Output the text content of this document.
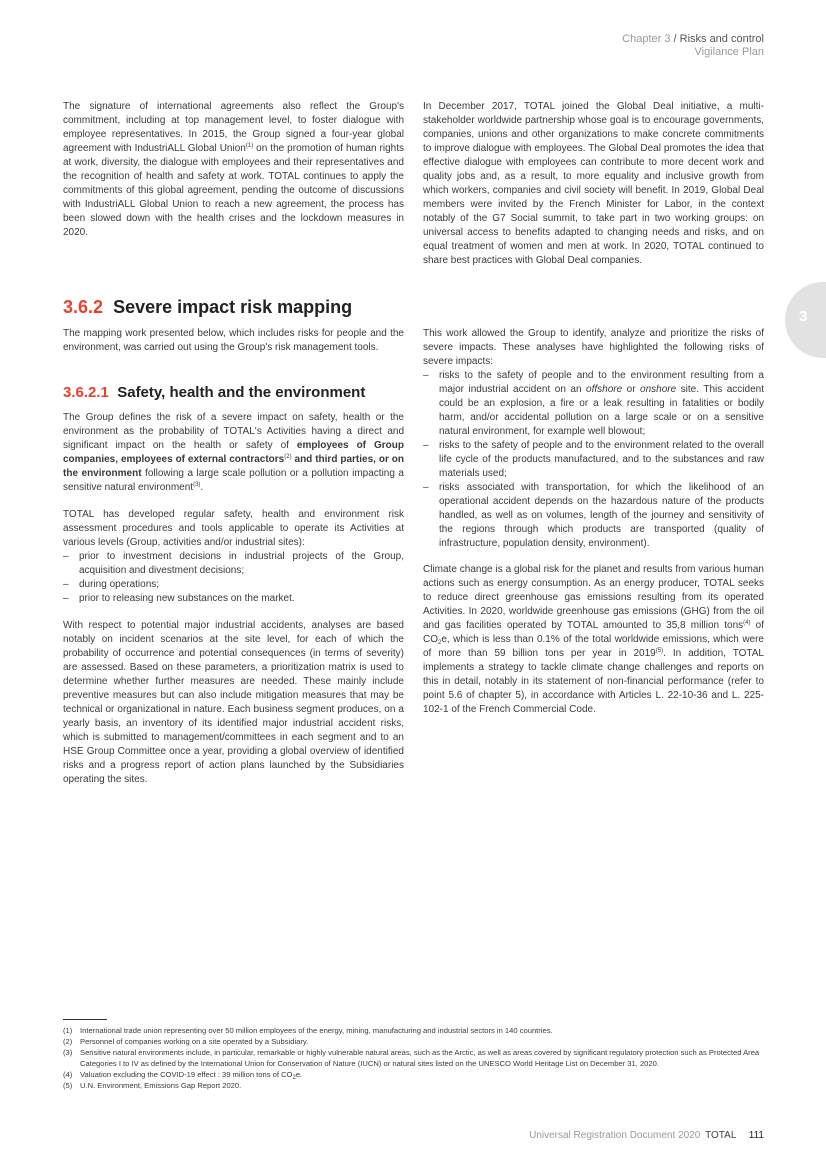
Chapter 3 / Risks and control
Vigilance Plan
3

The signature of international agreements also reflect the Group's commitment, including at top management level, to foster dialogue with employee representatives. In 2015, the Group signed a four-year global agreement with IndustriALL Global Union$^{(1)}$ on the promotion of human rights at work, diversity, the dialogue with employees and their representatives and the recognition of health and safety at work. TOTAL continues to apply the commitments of this global agreement, pending the outcome of discussions with IndustriALL Global Union to reach a new agreement, the process has been slowed down with the health crises and the lockdown measures in 2020.

In December 2017, TOTAL joined the Global Deal initiative, a multi-stakeholder worldwide partnership whose goal is to encourage governments, companies, unions and other organizations to make concrete commitments to improve dialogue with employees. The Global Deal promotes the idea that effective dialogue with employees can contribute to more decent work and quality jobs and, as a result, to more equality and inclusive growth from which workers, companies and civil society will benefit. In 2019, Global Deal members were invited by the French Minister for Labor, in the context notably of the G7 Social summit, to take part in two working groups: on universal access to benefits adapted to changing needs and risks, and on equal treatment of women and men at work. In 2020, TOTAL continued to share best practices with Global Deal companies.

3.6.2 Severe impact risk mapping

The mapping work presented below, which includes risks for people and the environment, was carried out using the Group's risk management tools.

3.6.2.1 Safety, health and the environment

The Group defines the risk of a severe impact on safety, health or the environment as the probability of TOTAL's Activities having a direct and significant impact on the health or safety of employees of Group companies, employees of external contractors$^{(2)}$ and third parties, or on the environment following a large scale pollution or a pollution impacting a sensitive natural environment$^{(3)}$.

TOTAL has developed regular safety, health and environment risk assessment procedures and tools applicable to operate its Activities at various levels (Group, activities and/or industrial sites):

– prior to investment decisions in industrial projects of the Group, acquisition and divestment decisions;
– during operations;
– prior to releasing new substances on the market.

With respect to potential major industrial accidents, analyses are based notably on incident scenarios at the site level, for each of which the probability of occurrence and potential consequences (in terms of severity) are assessed. Based on these parameters, a prioritization matrix is used to determine whether further measures are needed. These mainly include preventive measures but can also include mitigation measures that may be technical or organizational in nature. Each business segment produces, on a yearly basis, an inventory of its identified major industrial accident risks, which is submitted to management/committees in each segment and to an HSE Group Committee once a year, providing a global overview of identified risks and a progress report of action plans launched by the Subsidiaries operating the sites.

This work allowed the Group to identify, analyze and prioritize the risks of severe impacts. These analyses have highlighted the following risks of severe impacts:

– risks to the safety of people and to the environment resulting from a major industrial accident on an offshore or onshore site. This accident could be an explosion, a fire or a leak resulting in fatalities or bodily harm, and/or accidental pollution on a large scale or on a sensitive natural environment, for example well blowout;
– risks to the safety of people and to the environment related to the overall life cycle of the products manufactured, and to the substances and raw materials used;
– risks associated with transportation, for which the likelihood of an operational accident depends on the hazardous nature of the products handled, as well as on volumes, length of the journey and sensitivity of the regions through which products are transported (quality of infrastructure, population density, environment).

Climate change is a global risk for the planet and results from various human actions such as energy consumption. As an energy producer, TOTAL seeks to reduce direct greenhouse gas emissions resulting from its operated Activities. In 2020, worldwide greenhouse gas emissions (GHG) from the oil and gas facilities operated by TOTAL amounted to 35,8 million tons$^{(4)}$ of $CO_2e$, which is less than 0.1% of the total worldwide emissions, which were of more than 59 billion tons per year in 2019$^{(5)}$. In addition, TOTAL implements a strategy to tackle climate change challenges and reports on this in detail, notably in its statement of non-financial performance (refer to point 5.6 of chapter 5), in accordance with Articles L. 22-10-36 and L. 225-102-1 of the French Commercial Code.

(1) International trade union representing over 50 million employees of the energy, mining, manufacturing and industrial sectors in 140 countries.
(2) Personnel of companies working on a site operated by a Subsidiary.
(3) Sensitive natural environments include, in particular, remarkable or highly vulnerable natural areas, such as the Arctic, as well as areas covered by significant regulatory protection such as Protected Area Categories I to IV as defined by the International Union for Conservation of Nature (IUCN) or natural sites listed on the UNESCO World Heritage List on December 31, 2020.
(4) Valuation excluding the COVID-19 effect : 39 million tons of $CO_2e$.
(5) U.N. Environment, Emissions Gap Report 2020.
Universal Registration Document 2020 TOTAL 111
